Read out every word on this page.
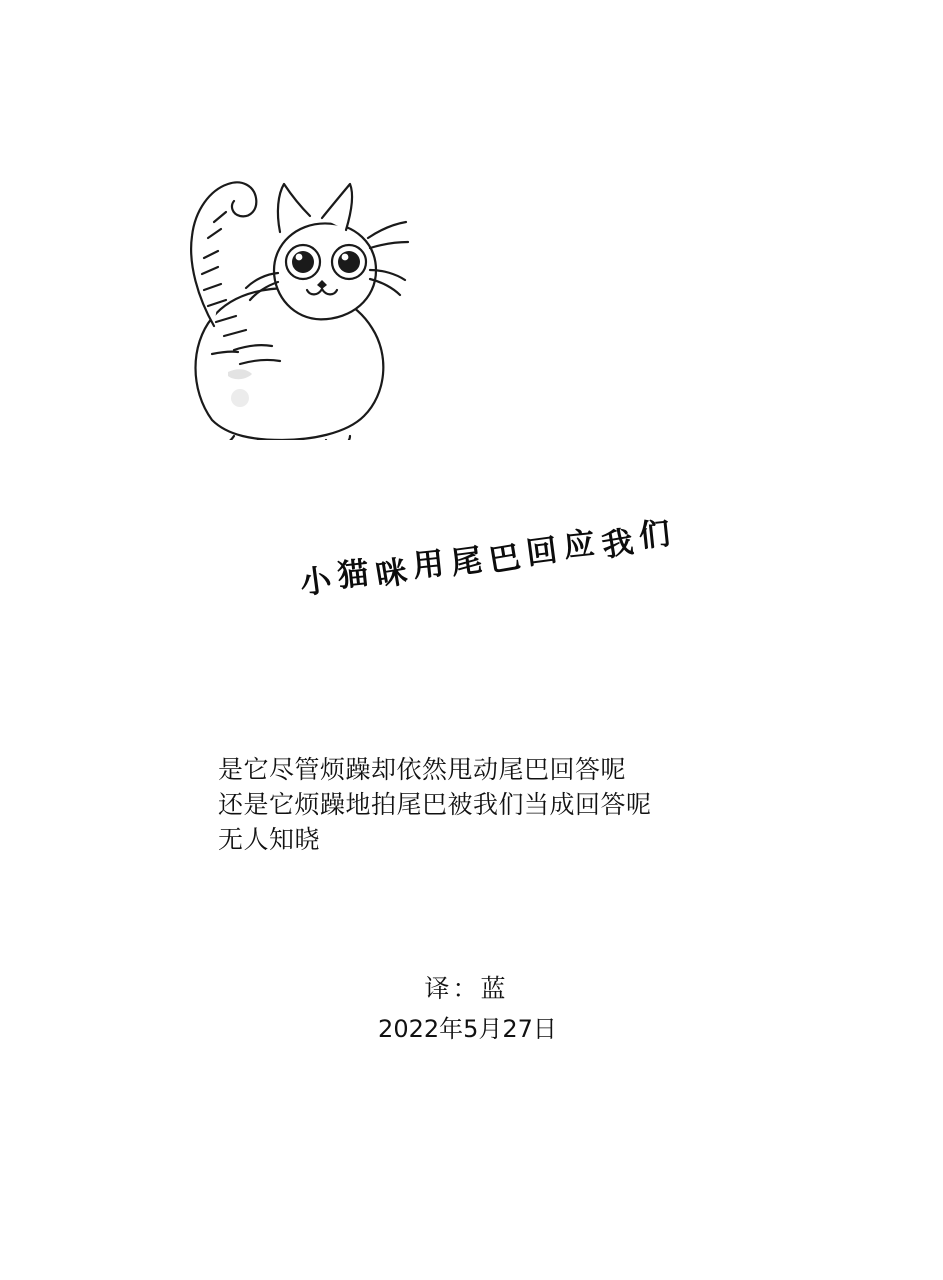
小猫咪用尾巴回应我们
是它尽管烦躁却依然甩动尾巴回答呢
还是它烦躁地拍尾巴被我们当成回答呢
无人知晓
译：蓝
2022年5月27日
